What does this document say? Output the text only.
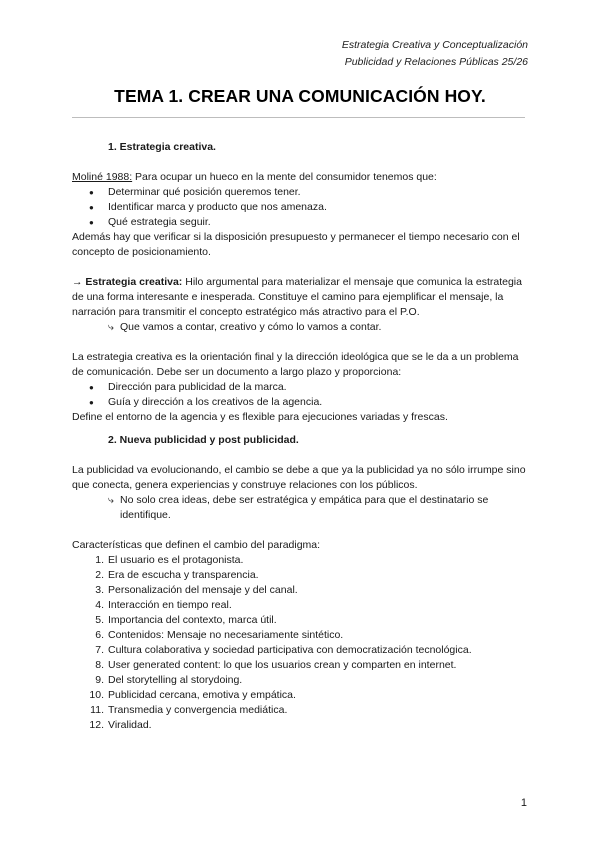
Estrategia Creativa y Conceptualización
Publicidad y Relaciones Públicas 25/26
TEMA 1. CREAR UNA COMUNICACIÓN HOY.

1. Estrategia creativa.

Moliné 1988: Para ocupar un hueco en la mente del consumidor tenemos que:

● Determinar qué posición queremos tener.
● Identificar marca y producto que nos amenaza.
● Qué estrategia seguir.

Además hay que verificar si la disposición presupuesto y permanecer el tiempo necesario con el concepto de posicionamiento.

→ Estrategia creativa: Hilo argumental para materializar el mensaje que comunica la estrategia de una forma interesante e inesperada. Constituye el camino para ejemplificar el mensaje, la narración para transmitir el concepto estratégico más atractivo para el P.O.

⤷ Que vamos a contar, creativo y cómo lo vamos a contar.

La estrategia creativa es la orientación final y la dirección ideológica que se le da a un problema de comunicación. Debe ser un documento a largo plazo y proporciona:

● Dirección para publicidad de la marca.
● Guía y dirección a los creativos de la agencia.

Define el entorno de la agencia y es flexible para ejecuciones variadas y frescas.

2. Nueva publicidad y post publicidad.

La publicidad va evolucionando, el cambio se debe a que ya la publicidad ya no sólo irrumpe sino que conecta, genera experiencias y construye relaciones con los públicos.

⤷ No solo crea ideas, debe ser estratégica y empática para que el destinatario se identifique.

Características que definen el cambio del paradigma:

1. El usuario es el protagonista.
2. Era de escucha y transparencia.
3. Personalización del mensaje y del canal.
4. Interacción en tiempo real.
5. Importancia del contexto, marca útil.
6. Contenidos: Mensaje no necesariamente sintético.
7. Cultura colaborativa y sociedad participativa con democratización tecnológica.
8. User generated content: lo que los usuarios crean y comparten en internet.
9. Del storytelling al storydoing.
10. Publicidad cercana, emotiva y empática.
11. Transmedia y convergencia mediática.
12. Viralidad.
1
